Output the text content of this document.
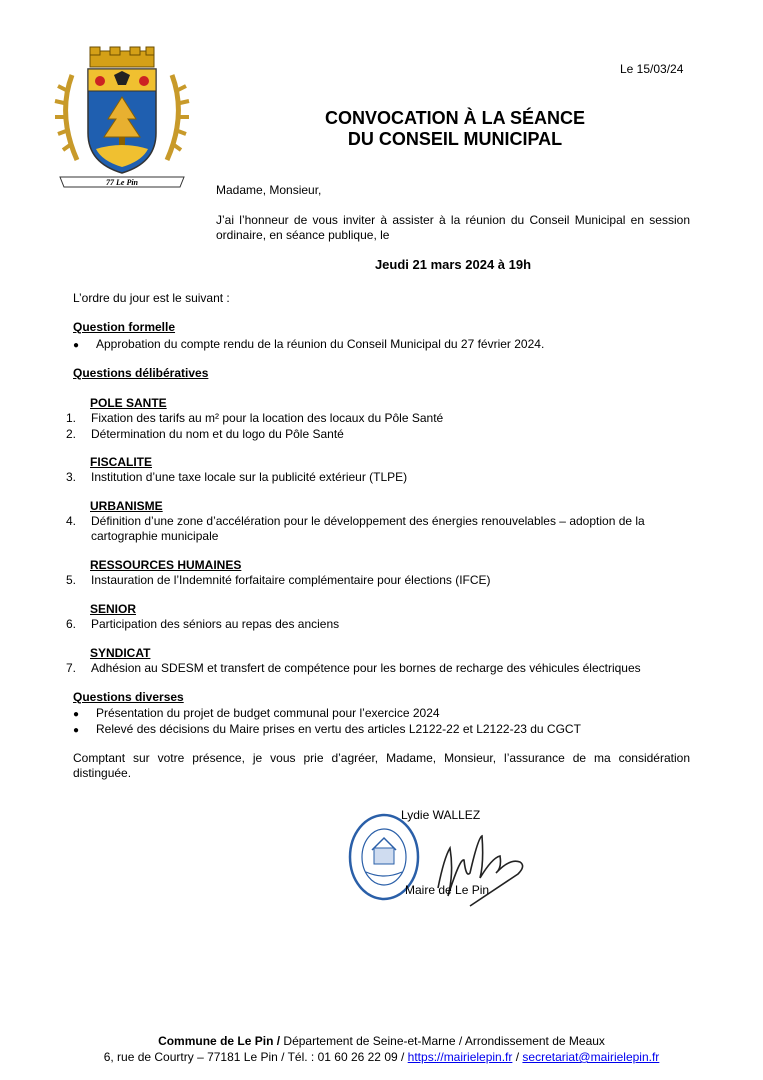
Le 15/03/24
77 Le Pin
CONVOCATION À LA SÉANCE
DU CONSEIL MUNICIPAL
Madame, Monsieur,
J’ai l’honneur de vous inviter à assister à la réunion du Conseil Municipal en session ordinaire, en séance publique, le
Jeudi 21 mars 2024 à 19h
L’ordre du jour est le suivant :
Question formelle
●	Approbation du compte rendu de la réunion du Conseil Municipal du 27 février 2024.
Questions délibératives
POLE SANTE
1.	Fixation des tarifs au m² pour la location des locaux du Pôle Santé
2.	Détermination du nom et du logo du Pôle Santé
FISCALITE
3.	Institution d’une taxe locale sur la publicité extérieur (TLPE)
URBANISME
4.	Définition d’une zone d’accélération pour le développement des énergies renouvelables – adoption de la cartographie municipale
RESSOURCES HUMAINES
5.	Instauration de l’Indemnité forfaitaire complémentaire pour élections (IFCE)
SENIOR
6.	Participation des séniors au repas des anciens
SYNDICAT
7.	Adhésion au SDESM et transfert de compétence pour les bornes de recharge des véhicules électriques
Questions diverses
●	Présentation du projet de budget communal pour l’exercice 2024
●	Relevé des décisions du Maire prises en vertu des articles L2122-22 et L2122-23 du CGCT
Comptant sur votre présence, je vous prie d’agréer, Madame, Monsieur, l’assurance de ma considération distinguée.
Lydie WALLEZ
Maire de Le Pin
Commune de Le Pin / Département de Seine-et-Marne / Arrondissement de Meaux
6, rue de Courtry – 77181 Le Pin / Tél. : 01 60 26 22 09 / https://mairielepin.fr / secretariat@mairielepin.fr
